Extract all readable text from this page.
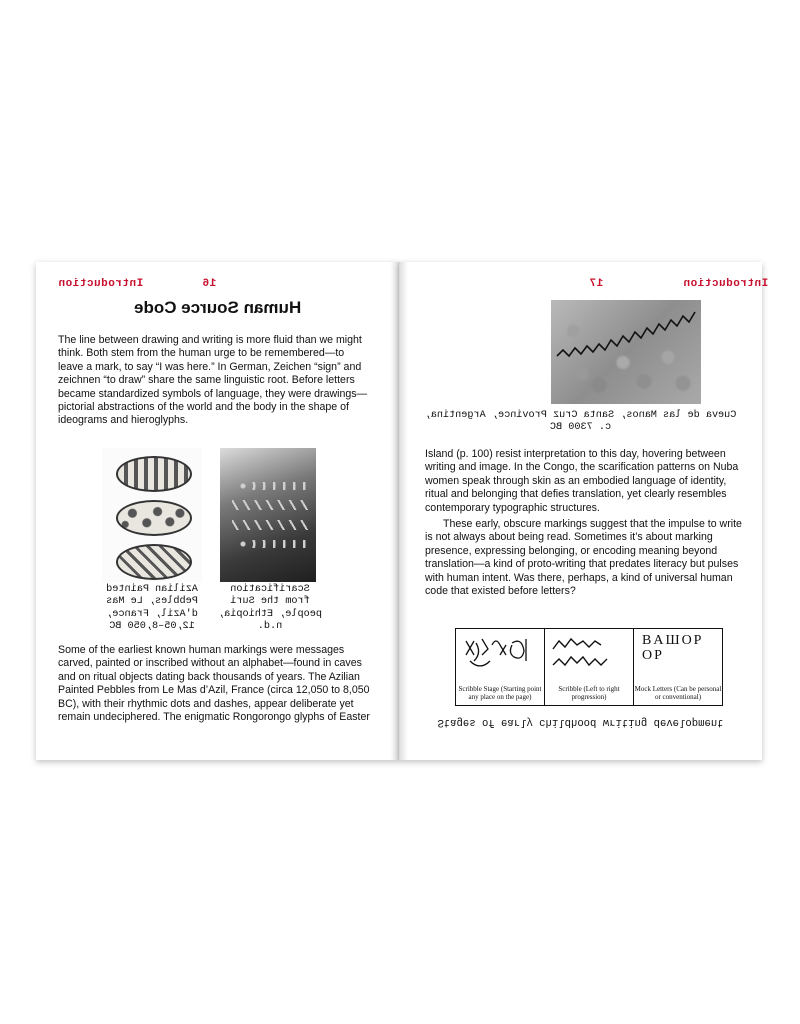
Introduction	16
Human Source Code

The line between drawing and writing is more fluid than we might think. Both stem from the human urge to be remembered—to leave a mark, to say “I was here.” In German, Zeichen “sign” and zeichnen “to draw” share the same linguistic root. Before letters became standardized symbols of language, they were drawings—pictorial abstractions of the world and the body in the shape of ideograms and hieroglyphs.

Azilian Painted Pebbles, Le Mas d'Azil, France, 12,05–8,050 BC
Scarification from the Suri people, Ethiopia, n.d.

Some of the earliest known human markings were messages carved, painted or inscribed without an alphabet—found in caves and on ritual objects dating back thousands of years. The Azilian Painted Pebbles from Le Mas d’Azil, France (circa 12,050 to 8,050 BC), with their rhythmic dots and dashes, appear deliberate yet remain undeciphered. The enigmatic Rongorongo glyphs of Easter

17	Introduction
Cueva de las Manos, Santa Cruz Province, Argentina, c. 7300 BC

Island (p. 100) resist interpretation to this day, hovering between writing and image. In the Congo, the scarification patterns on Nuba women speak through skin as an embodied language of identity, ritual and belonging that defies translation, yet clearly resembles contemporary typographic structures.

These early, obscure markings suggest that the impulse to write is not always about being read. Sometimes it’s about marking presence, expressing belonging, or encoding meaning beyond translation—a kind of proto-writing that predates literacy but pulses with human intent. Was there, perhaps, a kind of universal human code that existed before letters?

Scribble Stage (Starting point any place on the page)
Scribble (Left to right progression)
BAШOP OP
Mock Letters (Can be personal or conventional)
Stages of early childhood writing development
